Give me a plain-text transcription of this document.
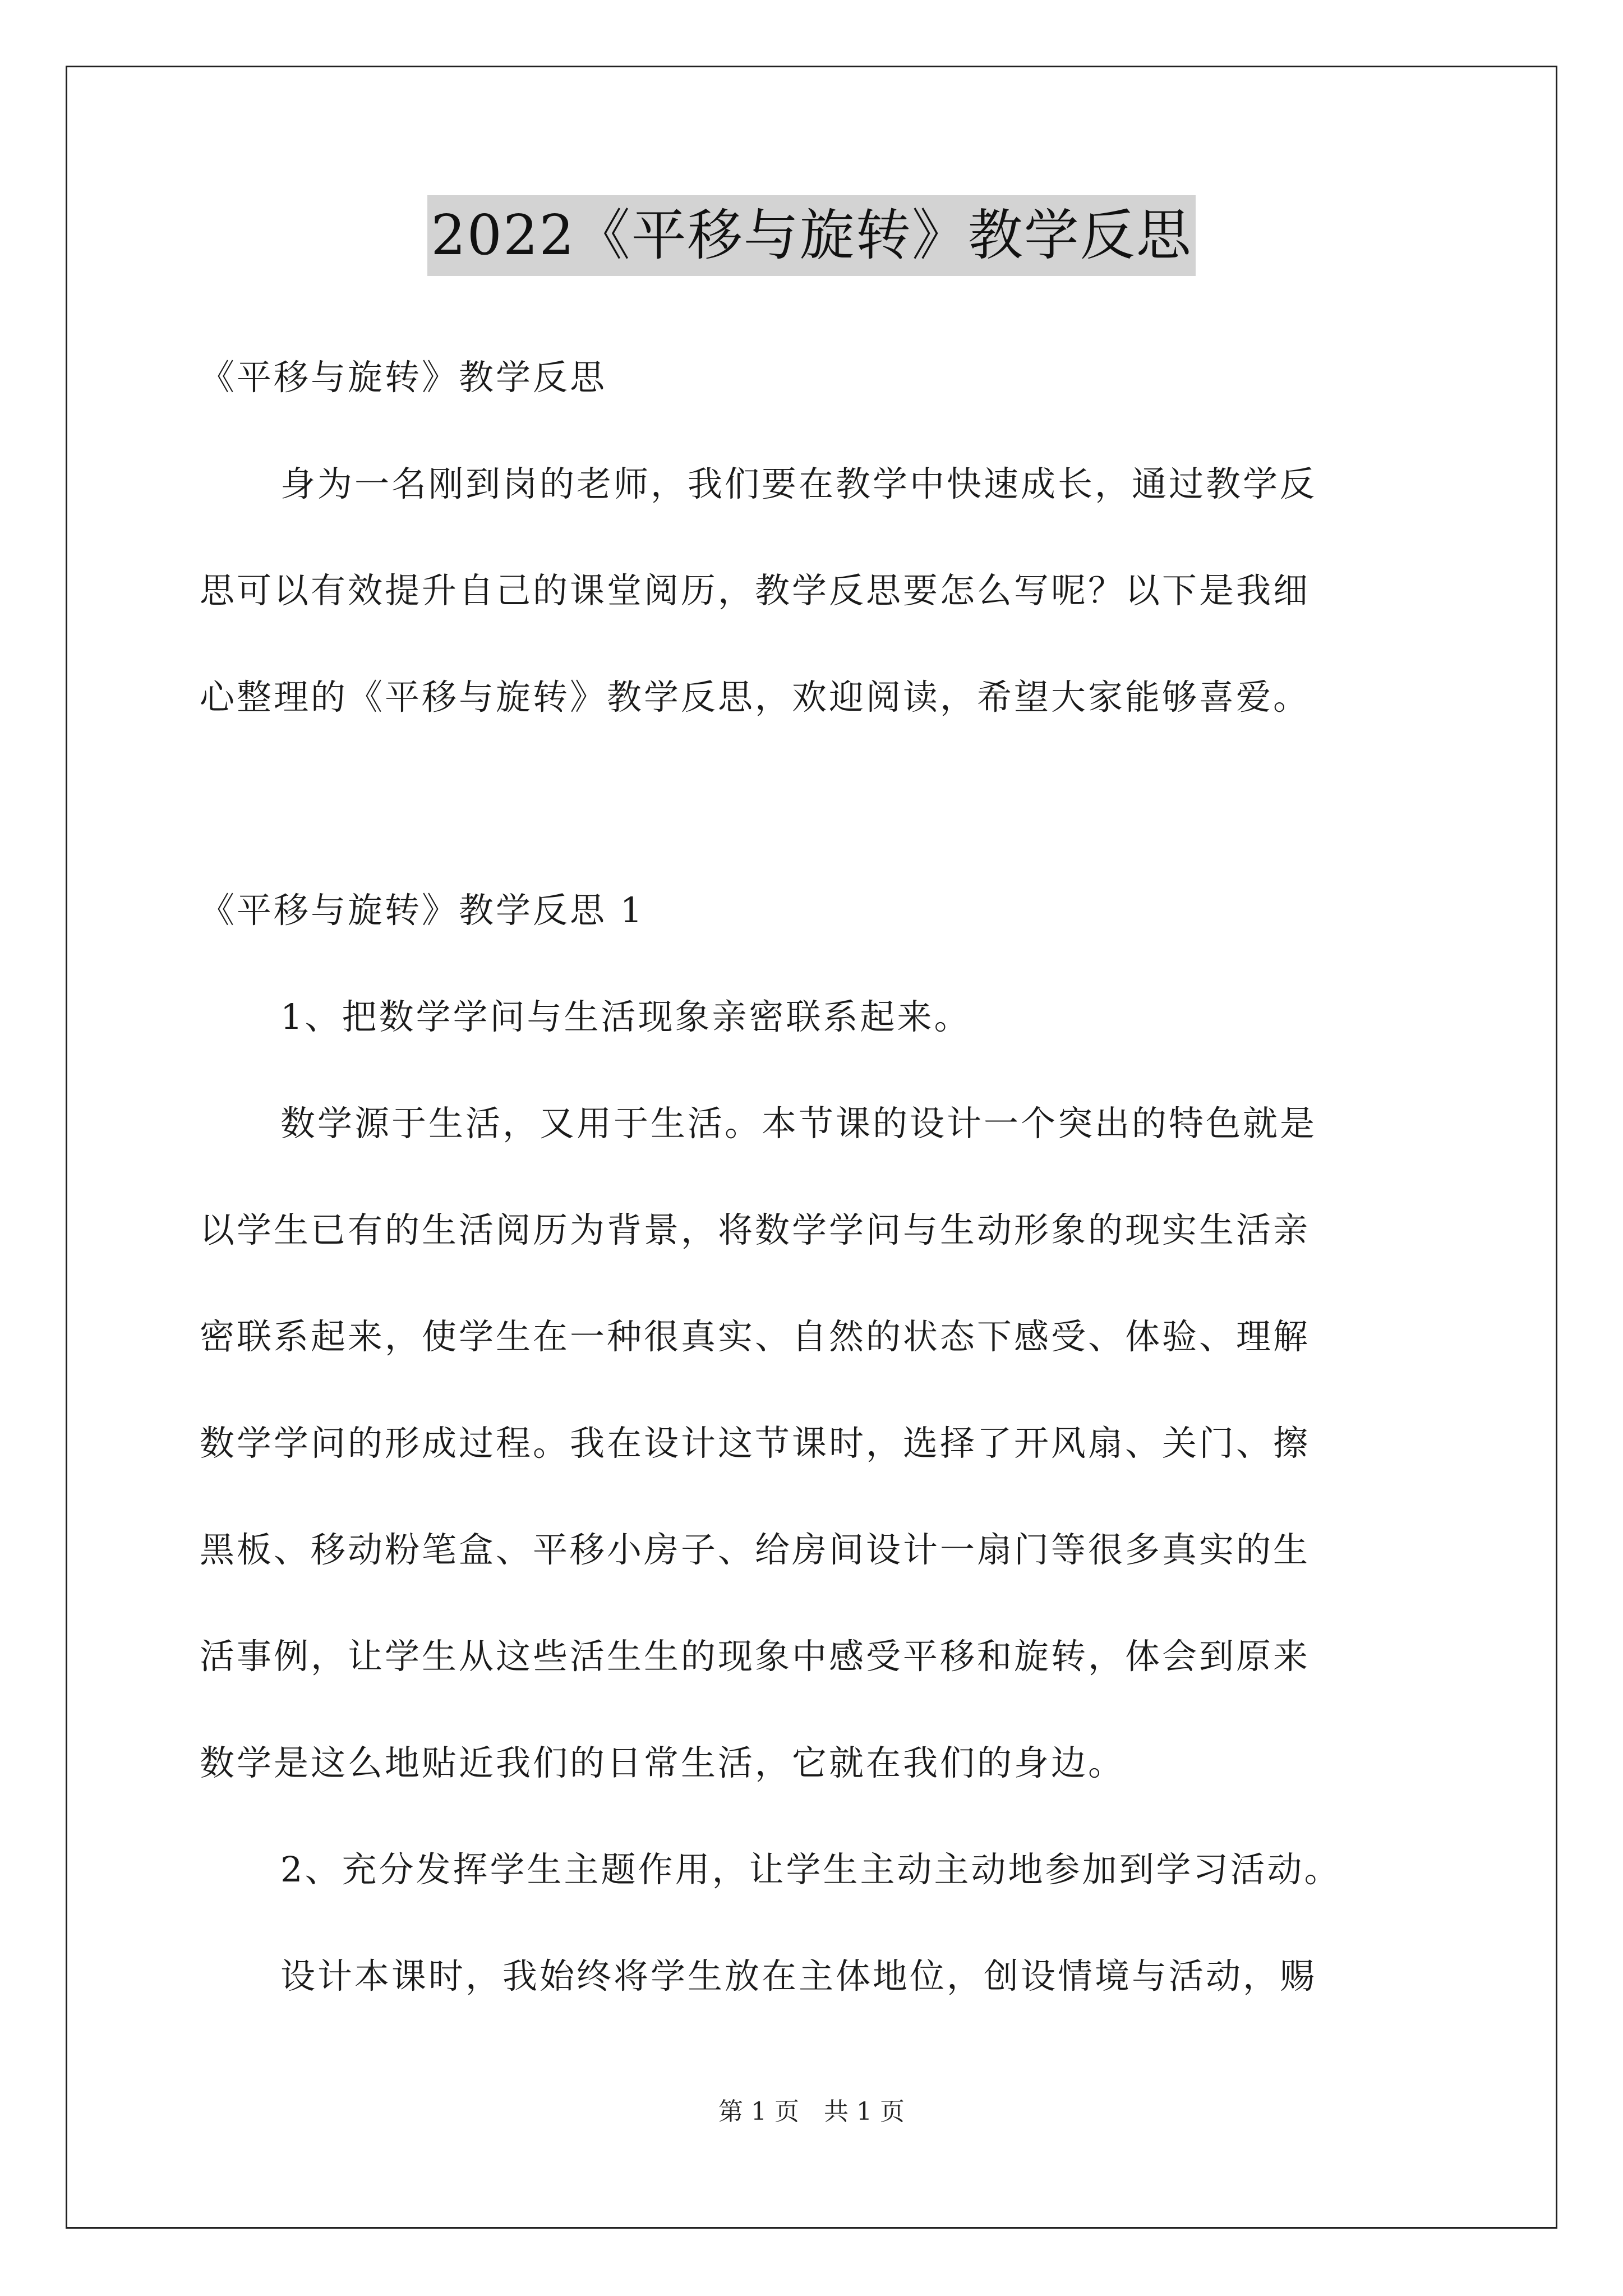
2022《平移与旋转》教学反思
《平移与旋转》教学反思
身为一名刚到岗的老师，我们要在教学中快速成长，通过教学反
思可以有效提升自己的课堂阅历，教学反思要怎么写呢？以下是我细
心整理的《平移与旋转》教学反思，欢迎阅读，希望大家能够喜爱。
《平移与旋转》教学反思 1
1、把数学学问与生活现象亲密联系起来。
数学源于生活，又用于生活。本节课的设计一个突出的特色就是
以学生已有的生活阅历为背景，将数学学问与生动形象的现实生活亲
密联系起来，使学生在一种很真实、自然的状态下感受、体验、理解
数学学问的形成过程。我在设计这节课时，选择了开风扇、关门、擦
黑板、移动粉笔盒、平移小房子、给房间设计一扇门等很多真实的生
活事例，让学生从这些活生生的现象中感受平移和旋转，体会到原来
数学是这么地贴近我们的日常生活，它就在我们的身边。
2、充分发挥学生主题作用，让学生主动主动地参加到学习活动。
设计本课时，我始终将学生放在主体地位，创设情境与活动，赐
第 1 页　共 1 页
